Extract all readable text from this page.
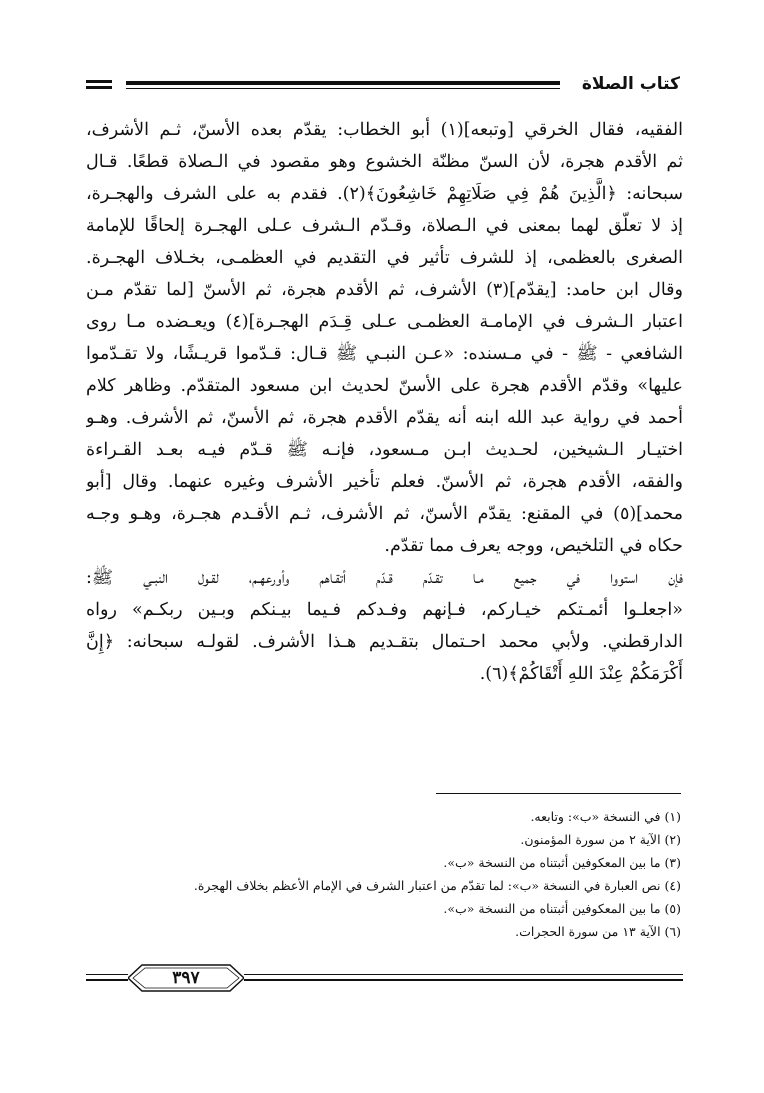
كتاب الصلاة
الفقيه، فقال الخرقي [وتبعه](١) أبو الخطاب: يقدّم بعده الأسنّ، ثـم الأشرف،
ثم الأقدم هجرة، لأن السنّ مظنّة الخشوع وهو مقصود في الـصلاة قطعًا. قـال
سبحانه: ﴿الَّذِينَ هُمْ فِي صَلَاتِهِمْ خَاشِعُونَ﴾(٢). فقدم به على الشرف والهجـرة،
إذ لا تعلّق لهما بمعنى في الـصلاة، وقـدّم الـشرف عـلى الهجـرة إلحاقًا للإمامة
الصغرى بالعظمى، إذ للشرف تأثير في التقديم في العظمـى، بخـلاف الهجـرة.
وقال ابن حامد: [يقدّم](٣) الأشرف، ثم الأقدم هجرة، ثم الأسنّ [لما تقدّم مـن
اعتبار الـشرف في الإمامـة العظمـى عـلى قِـدَم الهجـرة](٤) ويعـضده مـا روى
الشافعي - ﷺ - في مـسنده: «عـن النبـي ﷺ قـال: قـدّموا قريـشًا، ولا تقـدّموا
عليها» وقدّم الأقدم هجرة على الأسنّ لحديث ابن مسعود المتقدّم. وظاهر كلام
أحمد في رواية عبد الله ابنه أنه يقدّم الأقدم هجرة، ثم الأسنّ، ثم الأشرف. وهـو
اختيـار الـشيخين، لحـديث ابـن مـسعود، فإنـه ﷺ قـدّم فيـه بعـد القـراءة
والفقه، الأقدم هجرة، ثم الأسنّ. فعلم تأخير الأشرف وغيره عنهما. وقال [أبو
محمد](٥) في المقنع: يقدّم الأسنّ، ثم الأشرف، ثـم الأقـدم هجـرة، وهـو وجـه
حكاه في التلخيص، ووجه يعرف مما تقدّم.
فإن استووا في جميع مـا تقـدّم قـدّم أتقـاهم وأورعهـم، لقـول النبـي ﷺ:
«اجعلـوا أئمـتكم خيـاركم، فـإنهم وفـدكم فـيما بيـنكم وبـين ربكـم» رواه
الدارقطني. ولأبي محمد احـتمال بتقـديم هـذا الأشرف. لقولـه سبحانه: ﴿إِنَّ
أَكْرَمَكُمْ عِنْدَ اللهِ أَتْقَاكُمْ﴾(٦).
(١) في النسخة «ب»: وتابعه.
(٢) الآية ٢ من سورة المؤمنون.
(٣) ما بين المعكوفين أثبتناه من النسخة «ب».
(٤) نص العبارة في النسخة «ب»: لما تقدّم من اعتبار الشرف في الإمام الأعظم بخلاف الهجرة.
(٥) ما بين المعكوفين أثبتناه من النسخة «ب».
(٦) الآية ١٣ من سورة الحجرات.
٣٩٧
